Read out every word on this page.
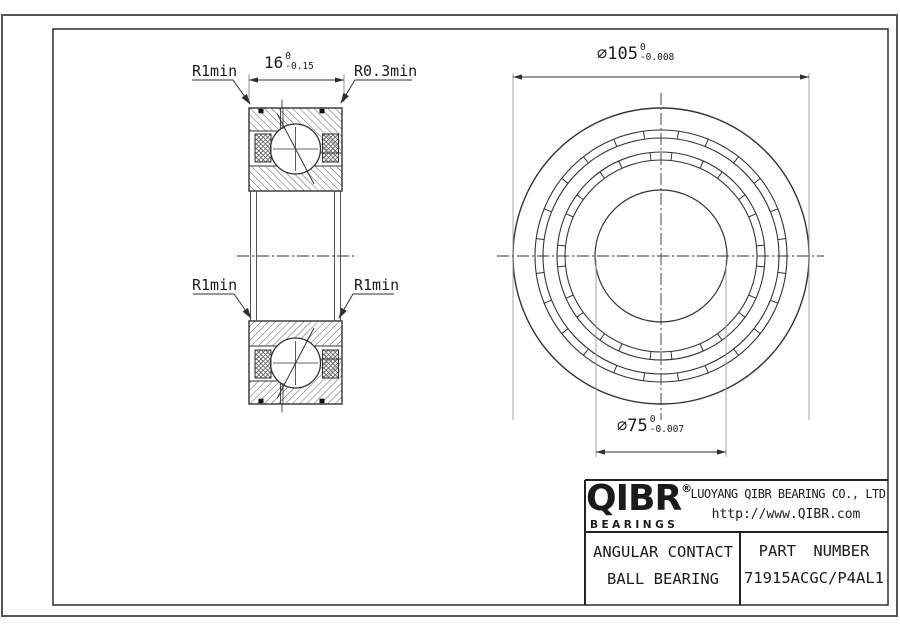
R1min	R0.3min
R1min	R1min
16 0
-0.15
⌀105 0
-0.008
⌀75 0
-0.007
QIBR®
BEARINGS
LUOYANG QIBR BEARING CO., LTD
http://www.QIBR.com
ANGULAR CONTACT
BALL BEARING
PART NUMBER
71915ACGC/P4AL1
